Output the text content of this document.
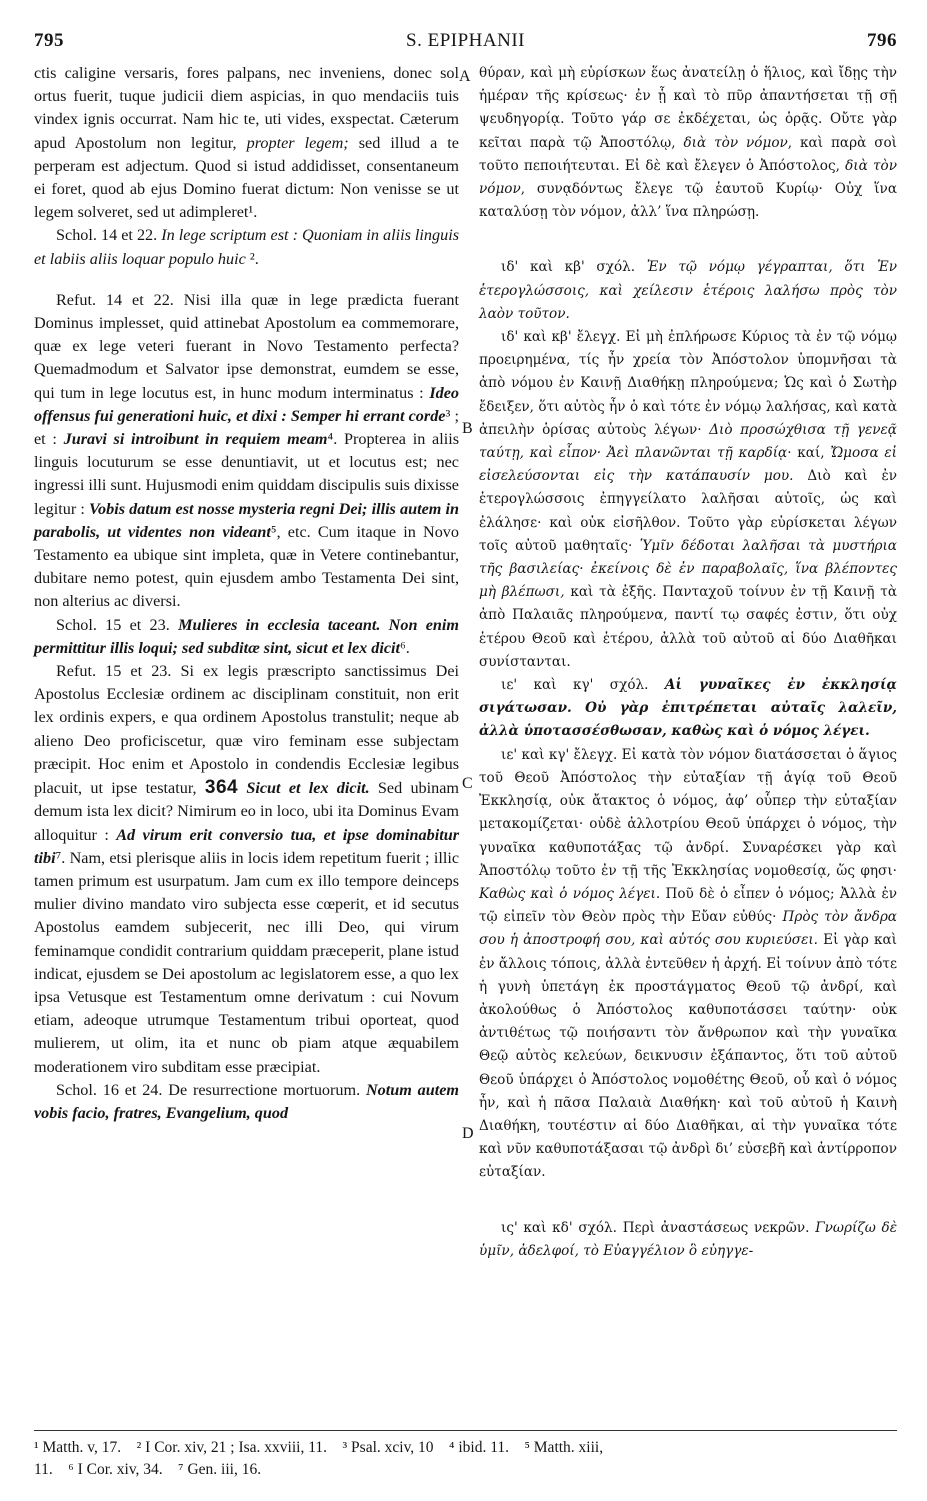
795	S. EPIPHANII	796

ctis caligine versaris, fores palpans, nec inveniens, donec sol ortus fuerit, tuque judicii diem aspicias, in quo mendaciis tuis vindex ignis occurrat. Nam hic te, uti vides, exspectat. Cæterum apud Apostolum non legitur, propter legem; sed illud a te perperam est adjectum. Quod si istud addidisset, consentaneum ei foret, quod ab ejus Domino fuerat dictum: Non venisse se ut legem solveret, sed ut adimpleret¹.

Schol. 14 et 22. In lege scriptum est : Quoniam in aliis linguis et labiis aliis loquar populo huic ².

Refut. 14 et 22. Nisi illa quæ in lege prædicta fuerant Dominus implesset, quid attinebat Apostolum ea commemorare, quæ ex lege veteri fuerant in Novo Testamento perfecta? Quemadmodum et Salvator ipse demonstrat, eumdem se esse, qui tum in lege locutus est, in hunc modum interminatus : Ideo offensus fui generationi huic, et dixi : Semper hi errant corde³ ; et : Juravi si introibunt in requiem meam⁴. Propterea in aliis linguis locuturum se esse denuntiavit, ut et locutus est; nec ingressi illi sunt. Hujusmodi enim quiddam discipulis suis dixisse legitur : Vobis datum est nosse mysteria regni Dei; illis autem in parabolis, ut videntes non videant⁵, etc. Cum itaque in Novo Testamento ea ubique sint impleta, quæ in Vetere continebantur, dubitare nemo potest, quin ejusdem ambo Testamenta Dei sint, non alterius ac diversi.

Schol. 15 et 23. Mulieres in ecclesia taceant. Non enim permittitur illis loqui; sed subditæ sint, sicut et lex dicit⁶.

Refut. 15 et 23. Si ex legis præscripto sanctissimus Dei Apostolus Ecclesiæ ordinem ac disciplinam constituit, non erit lex ordinis expers, e qua ordinem Apostolus transtulit; neque ab alieno Deo proficiscetur, quæ viro feminam esse subjectam præcipit. Hoc enim et Apostolo in condendis Ecclesiæ legibus placuit, ut ipse testatur, 364 Sicut et lex dicit. Sed ubinam demum ista lex dicit? Nimirum eo in loco, ubi ita Dominus Evam alloquitur : Ad virum erit conversio tua, et ipse dominabitur tibi⁷. Nam, etsi plerisque aliis in locis idem repetitum fuerit ; illic tamen primum est usurpatum. Jam cum ex illo tempore deinceps mulier divino mandato viro subjecta esse cœperit, et id secutus Apostolus eamdem subjecerit, nec illi Deo, qui virum feminamque condidit contrarium quiddam præceperit, plane istud indicat, ejusdem se Dei apostolum ac legislatorem esse, a quo lex ipsa Vetusque est Testamentum omne derivatum : cui Novum etiam, adeoque utrumque Testamentum tribui oporteat, quod mulierem, ut olim, ita et nunc ob piam atque æquabilem moderationem viro subditam esse præcipiat.

Schol. 16 et 24. De resurrectione mortuorum. Notum autem vobis facio, fratres, Evangelium, quod

A
B
C
D

θύραν, καὶ μὴ εὑρίσκων ἕως ἀνατείλῃ ὁ ἥλιος, καὶ ἴδῃς τὴν ἡμέραν τῆς κρίσεως· ἐν ᾗ καὶ τὸ πῦρ ἀπαντήσεται τῇ σῇ ψευδηγορίᾳ. Τοῦτο γάρ σε ἐκδέχεται, ὡς ὁρᾷς. Οὔτε γὰρ κεῖται παρὰ τῷ Ἀποστόλῳ, διὰ τὸν νόμον, καὶ παρὰ σοὶ τοῦτο πεποιήτευται. Εἰ δὲ καὶ ἔλεγεν ὁ Ἀπόστολος, διὰ τὸν νόμον, συνᾳδόντως ἔλεγε τῷ ἑαυτοῦ Κυρίῳ· Οὐχ ἵνα καταλύσῃ τὸν νόμον, ἀλλ’ ἵνα πληρώσῃ.

ιδ' καὶ κβ' σχόλ. Ἐν τῷ νόμῳ γέγραπται, ὅτι Ἐν ἑτερογλώσσοις, καὶ χείλεσιν ἑτέροις λαλήσω πρὸς τὸν λαὸν τοῦτον.

ιδ' καὶ κβ' ἔλεγχ. Εἰ μὴ ἐπλήρωσε Κύριος τὰ ἐν τῷ νόμῳ προειρημένα, τίς ἦν χρεία τὸν Ἀπόστολον ὑπομνῆσαι τὰ ἀπὸ νόμου ἐν Καινῇ Διαθήκῃ πληρούμενα; Ὡς καὶ ὁ Σωτὴρ ἔδειξεν, ὅτι αὐτὸς ἦν ὁ καὶ τότε ἐν νόμῳ λαλήσας, καὶ κατὰ ἀπειλὴν ὁρίσας αὐτοὺς λέγων· Διὸ προσώχθισα τῇ γενεᾷ ταύτῃ, καὶ εἶπον· Ἀεὶ πλανῶνται τῇ καρδίᾳ· καί, Ὤμοσα εἰ εἰσελεύσονται εἰς τὴν κατάπαυσίν μου. Διὸ καὶ ἐν ἑτερογλώσσοις ἐπηγγείλατο λαλῆσαι αὐτοῖς, ὡς καὶ ἐλάλησε· καὶ οὐκ εἰσῆλθον. Τοῦτο γὰρ εὑρίσκεται λέγων τοῖς αὐτοῦ μαθηταῖς· Ὑμῖν δέδοται λαλῆσαι τὰ μυστήρια τῆς βασιλείας· ἐκείνοις δὲ ἐν παραβολαῖς, ἵνα βλέποντες μὴ βλέπωσι, καὶ τὰ ἑξῆς. Πανταχοῦ τοίνυν ἐν τῇ Καινῇ τὰ ἀπὸ Παλαιᾶς πληρούμενα, παντί τῳ σαφές ἐστιν, ὅτι οὐχ ἑτέρου Θεοῦ καὶ ἑτέρου, ἀλλὰ τοῦ αὐτοῦ αἱ δύο Διαθῆκαι συνίστανται.

ιε' καὶ κγ' σχόλ. Αἱ γυναῖκες ἐν ἐκκλησίᾳ σιγάτωσαν. Οὐ γὰρ ἐπιτρέπεται αὐταῖς λαλεῖν, ἀλλὰ ὑποτασσέσθωσαν, καθὼς καὶ ὁ νόμος λέγει.

ιε' καὶ κγ' ἔλεγχ. Εἰ κατὰ τὸν νόμον διατάσσεται ὁ ἅγιος τοῦ Θεοῦ Ἀπόστολος τὴν εὐταξίαν τῇ ἁγίᾳ τοῦ Θεοῦ Ἐκκλησίᾳ, οὐκ ἄτακτος ὁ νόμος, ἀφ’ οὗπερ τὴν εὐταξίαν μετακομίζεται· οὐδὲ ἀλλοτρίου Θεοῦ ὑπάρχει ὁ νόμος, τὴν γυναῖκα καθυποτάξας τῷ ἀνδρί. Συναρέσκει γὰρ καὶ Ἀποστόλῳ τοῦτο ἐν τῇ τῆς Ἐκκλησίας νομοθεσίᾳ, ὥς φησι· Καθὼς καὶ ὁ νόμος λέγει. Ποῦ δὲ ὁ εἶπεν ὁ νόμος; Ἀλλὰ ἐν τῷ εἰπεῖν τὸν Θεὸν πρὸς τὴν Εὔαν εὐθύς· Πρὸς τὸν ἄνδρα σου ἡ ἀποστροφή σου, καὶ αὐτός σου κυριεύσει. Εἰ γὰρ καὶ ἐν ἄλλοις τόποις, ἀλλὰ ἐντεῦθεν ἡ ἀρχή. Εἰ τοίνυν ἀπὸ τότε ἡ γυνὴ ὑπετάγη ἐκ προστάγματος Θεοῦ τῷ ἀνδρί, καὶ ἀκολούθως ὁ Ἀπόστολος καθυποτάσσει ταύτην· οὐκ ἀντιθέτως τῷ ποιήσαντι τὸν ἄνθρωπον καὶ τὴν γυναῖκα Θεῷ αὐτὸς κελεύων, δεικνυσιν ἐξάπαντος, ὅτι τοῦ αὐτοῦ Θεοῦ ὑπάρχει ὁ Ἀπόστολος νομοθέτης Θεοῦ, οὗ καὶ ὁ νόμος ἦν, καὶ ἡ πᾶσα Παλαιὰ Διαθήκη· καὶ τοῦ αὐτοῦ ἡ Καινὴ Διαθήκη, τουτέστιν αἱ δύο Διαθῆκαι, αἱ τὴν γυναῖκα τότε καὶ νῦν καθυποτάξασαι τῷ ἀνδρὶ δι’ εὐσεβῆ καὶ ἀντίρροπον εὐταξίαν.

ις' καὶ κδ' σχόλ. Περὶ ἀναστάσεως νεκρῶν. Γνωρίζω δὲ ὑμῖν, ἀδελφοί, τὸ Εὐαγγέλιον ὃ εὐηγγε-

¹ Matth. v, 17.    ² I Cor. xiv, 21 ; Isa. xxviii, 11.    ³ Psal. xciv, 10    ⁴ ibid. 11.    ⁵ Matth. xiii,
11.    ⁶ I Cor. xiv, 34.    ⁷ Gen. iii, 16.
